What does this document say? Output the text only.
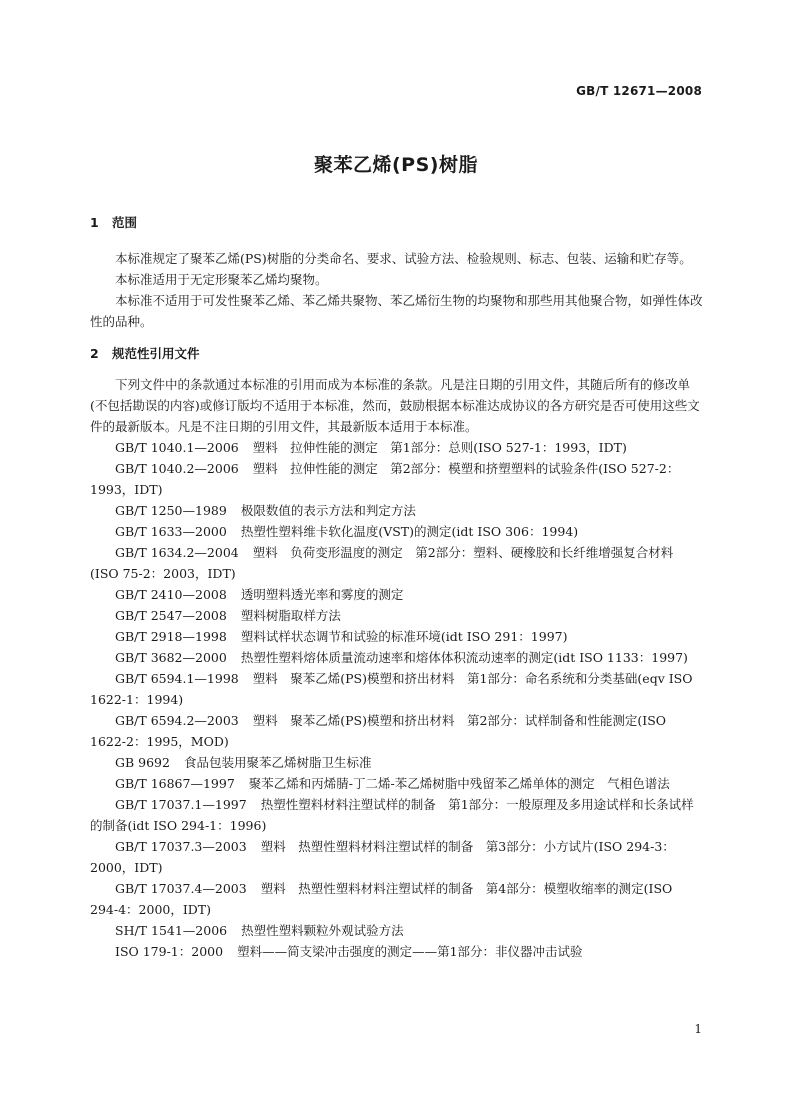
GB/T 12671—2008
聚苯乙烯(PS)树脂
1 范围

本标准规定了聚苯乙烯(PS)树脂的分类命名、要求、试验方法、检验规则、标志、包装、运输和贮存等。

本标准适用于无定形聚苯乙烯均聚物。

本标准不适用于可发性聚苯乙烯、苯乙烯共聚物、苯乙烯衍生物的均聚物和那些用其他聚合物，如弹性体改性的品种。

2 规范性引用文件

下列文件中的条款通过本标准的引用而成为本标准的条款。凡是注日期的引用文件，其随后所有的修改单(不包括勘误的内容)或修订版均不适用于本标准，然而，鼓励根据本标准达成协议的各方研究是否可使用这些文件的最新版本。凡是不注日期的引用文件，其最新版本适用于本标准。

GB/T 1040.1—2006 塑料　拉伸性能的测定　第1部分：总则(ISO 527-1：1993，IDT)

GB/T 1040.2—2006 塑料　拉伸性能的测定　第2部分：模塑和挤塑塑料的试验条件(ISO 527-2：1993，IDT)

GB/T 1250—1989 极限数值的表示方法和判定方法

GB/T 1633—2000 热塑性塑料维卡软化温度(VST)的测定(idt ISO 306：1994)

GB/T 1634.2—2004 塑料　负荷变形温度的测定　第2部分：塑料、硬橡胶和长纤维增强复合材料 (ISO 75-2：2003，IDT)

GB/T 2410—2008 透明塑料透光率和雾度的测定

GB/T 2547—2008 塑料树脂取样方法

GB/T 2918—1998 塑料试样状态调节和试验的标准环境(idt ISO 291：1997)

GB/T 3682—2000 热塑性塑料熔体质量流动速率和熔体体积流动速率的测定(idt ISO 1133：1997)

GB/T 6594.1—1998 塑料　聚苯乙烯(PS)模塑和挤出材料　第1部分：命名系统和分类基础(eqv ISO 1622-1：1994)

GB/T 6594.2—2003 塑料　聚苯乙烯(PS)模塑和挤出材料　第2部分：试样制备和性能测定(ISO 1622-2：1995，MOD)

GB 9692 食品包装用聚苯乙烯树脂卫生标准

GB/T 16867—1997 聚苯乙烯和丙烯腈-丁二烯-苯乙烯树脂中残留苯乙烯单体的测定　气相色谱法

GB/T 17037.1—1997 热塑性塑料材料注塑试样的制备　第1部分：一般原理及多用途试样和长条试样的制备(idt ISO 294-1：1996)

GB/T 17037.3—2003 塑料　热塑性塑料材料注塑试样的制备　第3部分：小方试片(ISO 294-3：2000，IDT)

GB/T 17037.4—2003 塑料　热塑性塑料材料注塑试样的制备　第4部分：模塑收缩率的测定(ISO 294-4：2000，IDT)

SH/T 1541—2006 热塑性塑料颗粒外观试验方法

ISO 179-1：2000 塑料——简支梁冲击强度的测定——第1部分：非仪器冲击试验

1
